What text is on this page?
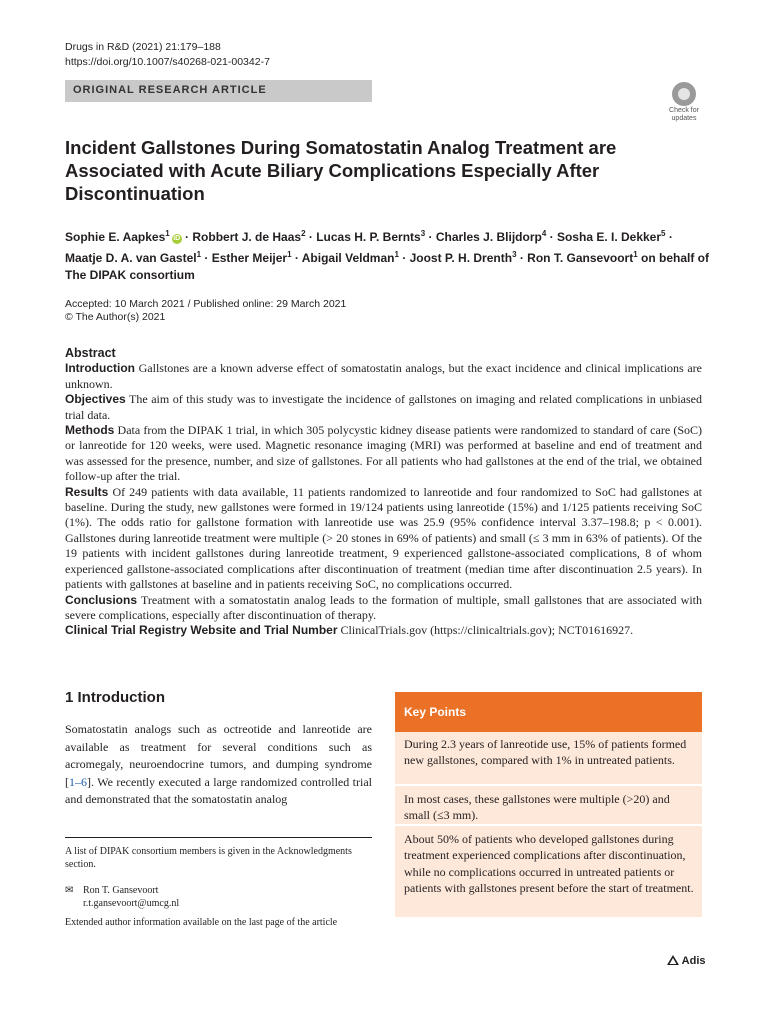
Drugs in R&D (2021) 21:179–188
https://doi.org/10.1007/s40268-021-00342-7
ORIGINAL RESEARCH ARTICLE
Check for
updates
Incident Gallstones During Somatostatin Analog Treatment are
Associated with Acute Biliary Complications Especially After
Discontinuation
Sophie E. Aapkes$^1$iD · Robbert J. de Haas$^2$ · Lucas H. P. Bernts$^3$ · Charles J. Blijdorp$^4$ · Sosha E. I. Dekker$^5$ ·
Maatje D. A. van Gastel$^1$ · Esther Meijer$^1$ · Abigail Veldman$^1$ · Joost P. H. Drenth$^3$ · Ron T. Gansevoort$^1$ on behalf of
The DIPAK consortium
Accepted: 10 March 2021 / Published online: 29 March 2021
© The Author(s) 2021
Abstract

Introduction Gallstones are a known adverse effect of somatostatin analogs, but the exact incidence and clinical implications are unknown.

Objectives The aim of this study was to investigate the incidence of gallstones on imaging and related complications in unbiased trial data.

Methods Data from the DIPAK 1 trial, in which 305 polycystic kidney disease patients were randomized to standard of care (SoC) or lanreotide for 120 weeks, were used. Magnetic resonance imaging (MRI) was performed at baseline and end of treatment and was assessed for the presence, number, and size of gallstones. For all patients who had gallstones at the end of the trial, we obtained follow-up after the trial.

Results Of 249 patients with data available, 11 patients randomized to lanreotide and four randomized to SoC had gallstones at baseline. During the study, new gallstones were formed in 19/124 patients using lanreotide (15%) and 1/125 patients receiving SoC (1%). The odds ratio for gallstone formation with lanreotide use was 25.9 (95% confidence interval 3.37–198.8; p < 0.001). Gallstones during lanreotide treatment were multiple (> 20 stones in 69% of patients) and small (≤ 3 mm in 63% of patients). Of the 19 patients with incident gallstones during lanreotide treatment, 9 experienced gallstone-associated complications, 8 of whom experienced gallstone-associated complications after discontinuation of treatment (median time after discontinuation 2.5 years). In patients with gallstones at baseline and in patients receiving SoC, no complications occurred.

Conclusions Treatment with a somatostatin analog leads to the formation of multiple, small gallstones that are associated with severe complications, especially after discontinuation of therapy.

Clinical Trial Registry Website and Trial Number ClinicalTrials.gov (https://clinicaltrials.gov); NCT01616927.

1 Introduction
Somatostatin analogs such as octreotide and lanreotide are available as treatment for several conditions such as acromegaly, neuroendocrine tumors, and dumping syndrome [1–6]. We recently executed a large randomized controlled trial and demonstrated that the somatostatin analog
A list of DIPAK consortium members is given in the Acknowledgments section.
✉ Ron T. Gansevoort
r.t.gansevoort@umcg.nl
Extended author information available on the last page of the article
Key Points
During 2.3 years of lanreotide use, 15% of patients formed new gallstones, compared with 1% in untreated patients.
In most cases, these gallstones were multiple (>20) and small (≤3 mm).
About 50% of patients who developed gallstones during treatment experienced complications after discontinuation, while no complications occurred in untreated patients or patients with gallstones present before the start of treatment.
Adis
